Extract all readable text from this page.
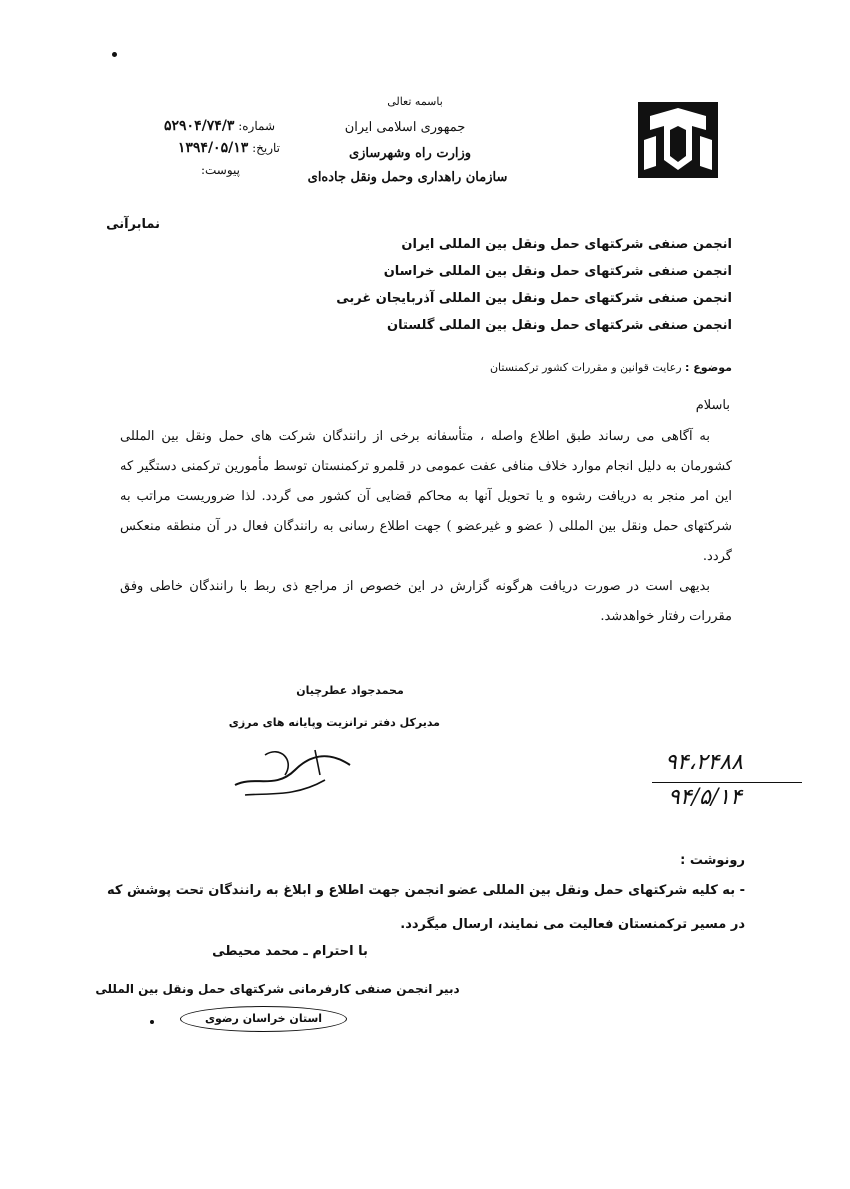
باسمه تعالی
جمهوری اسلامی ایران
وزارت راه وشهرسازی
سازمان راهداری وحمل ونقل جاده‌ای
شماره: ۵۲۹۰۴/۷۴/۳
تاریخ: ۱۳۹۴/۰۵/۱۳
پیوست:
نمابرآنی
انجمن صنفی شرکتهای حمل ونقل بین المللی ایران
انجمن صنفی شرکتهای حمل ونقل بین المللی خراسان
انجمن صنفی شرکتهای حمل ونقل بین المللی آذربایجان غربی
انجمن صنفی شرکتهای حمل ونقل بین المللی گلستان
موضوع : رعایت قوانین و مقررات کشور ترکمنستان
باسلام
به آگاهی می رساند طبق اطلاع واصله ، متأسفانه برخی از رانندگان شرکت های حمل ونقل بین المللی کشورمان به دلیل انجام موارد خلاف منافی عفت عمومی در قلمرو ترکمنستان توسط مأمورین ترکمنی دستگیر که این امر منجر به دریافت رشوه و یا تحویل آنها به محاکم قضایی آن کشور می گردد. لذا ضروریست مراتب به شرکتهای حمل ونقل بین المللی ( عضو و غیرعضو ) جهت اطلاع رسانی به رانندگان فعال در آن منطقه منعکس گردد.
بدیهی است در صورت دریافت هرگونه گزارش در این خصوص از مراجع ذی ربط با رانندگان خاطی وفق مقررات رفتار خواهدشد.
محمدجواد عطرچیان
مدیرکل دفتر ترانزیت وپایانه های مرزی
۹۴،۲۴۸۸
۹۴/۵/۱۴
رونوشت :
- به کلیه شرکتهای حمل ونقل بین المللی عضو انجمن جهت اطلاع و ابلاغ به رانندگان تحت پوشش که در مسیر ترکمنستان فعالیت می نمایند، ارسال میگردد.
با احترام ـ محمد محیطی
دبیر انجمن صنفی کارفرمانی شرکتهای حمل ونقل بین المللی
استان خراسان رضوی
